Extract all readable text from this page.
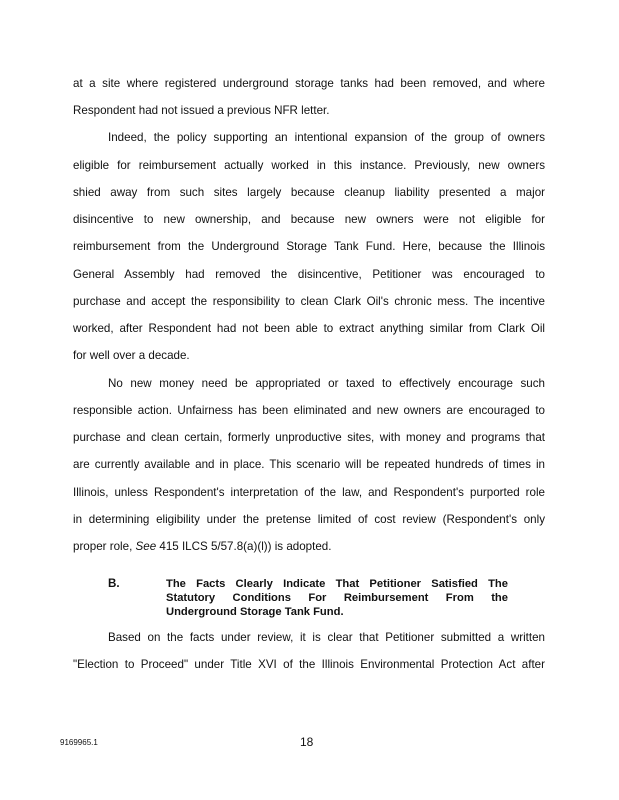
at a site where registered underground storage tanks had been removed, and where
Respondent had not issued a previous NFR letter.
Indeed, the policy supporting an intentional expansion of the group of owners
eligible for reimbursement actually worked in this instance. Previously, new owners
shied away from such sites largely because cleanup liability presented a major
disincentive to new ownership, and because new owners were not eligible for
reimbursement from the Underground Storage Tank Fund. Here, because the Illinois
General Assembly had removed the disincentive, Petitioner was encouraged to
purchase and accept the responsibility to clean Clark Oil's chronic mess. The incentive
worked, after Respondent had not been able to extract anything similar from Clark Oil
for well over a decade.
No new money need be appropriated or taxed to effectively encourage such
responsible action. Unfairness has been eliminated and new owners are encouraged to
purchase and clean certain, formerly unproductive sites, with money and programs that
are currently available and in place. This scenario will be repeated hundreds of times in
Illinois, unless Respondent's interpretation of the law, and Respondent's purported role
in determining eligibility under the pretense limited of cost review (Respondent's only
proper role, See 415 ILCS 5/57.8(a)(l)) is adopted.
B.	The Facts Clearly Indicate That Petitioner Satisfied The
Statutory Conditions For Reimbursement From the
Underground Storage Tank Fund.
Based on the facts under review, it is clear that Petitioner submitted a written
"Election to Proceed" under Title XVI of the Illinois Environmental Protection Act after
9169965.1	18
